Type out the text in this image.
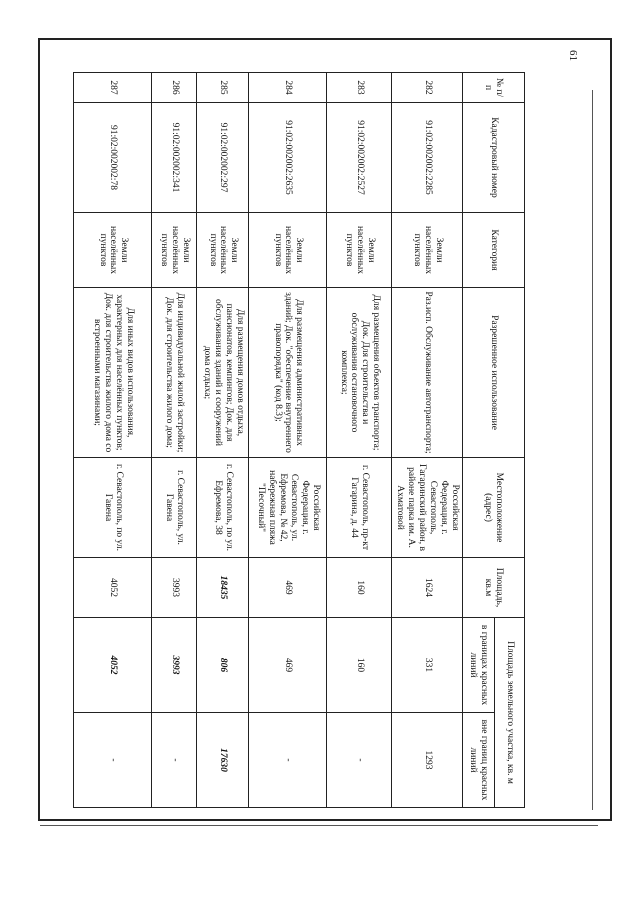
61
№ п/п	Кадастровый номер	Категория	Разрешенное использование	Местоположение (адрес)	Площадь, кв.м	Площадь земельного участка, кв. м	
						в границах красных линий	вне границ красных линий
282	91:02:002002:2285	Земли населённых пунктов	Раз.исп. Обслуживание автотранспорта;	Российская Федерация, г. Севастополь, Гагаринский район, в районе парка им. А. Ахматовой	1624	331	1293
283	91:02:002002:2527	Земли населённых пунктов	Для размещения объектов транспорта; Док. Для строительства и обслуживания остановочного комплекса;	г. Севастополь, пр-кт Гагарина, д. 44	160	160	-
284	91:02:002002:2635	Земли населённых пунктов	Для размещения административных зданий; Док. "обеспечение внутреннего правопорядка" (код 8.3);	Российская Федерация, г. Севастополь, ул. Ефремова, № 42, набережная пляжа "Песочный"	469	469	-
285	91:02:002002:297	Земли населённых пунктов	Для размещения домов отдыха, пансионатов, кемпингов; Док. для обслуживания зданий и сооружений дома отдыха;	г. Севастополь, по ул. Ефремова, 38	18435	806	17630
286	91:02:002002:341	Земли населённых пунктов	Для индивидуальной жилой застройки; Док. для строительства жилого дома;	г. Севастополь, ул. Гавена	3993	3993	-
287	91:02:002002:78	Земли населённых пунктов	Для иных видов использования, характерных для населённых пунктов; Док. для строительства жилого дома со встроенными магазинами;	г. Севастополь, по ул. Гавена	4052	4052	-
